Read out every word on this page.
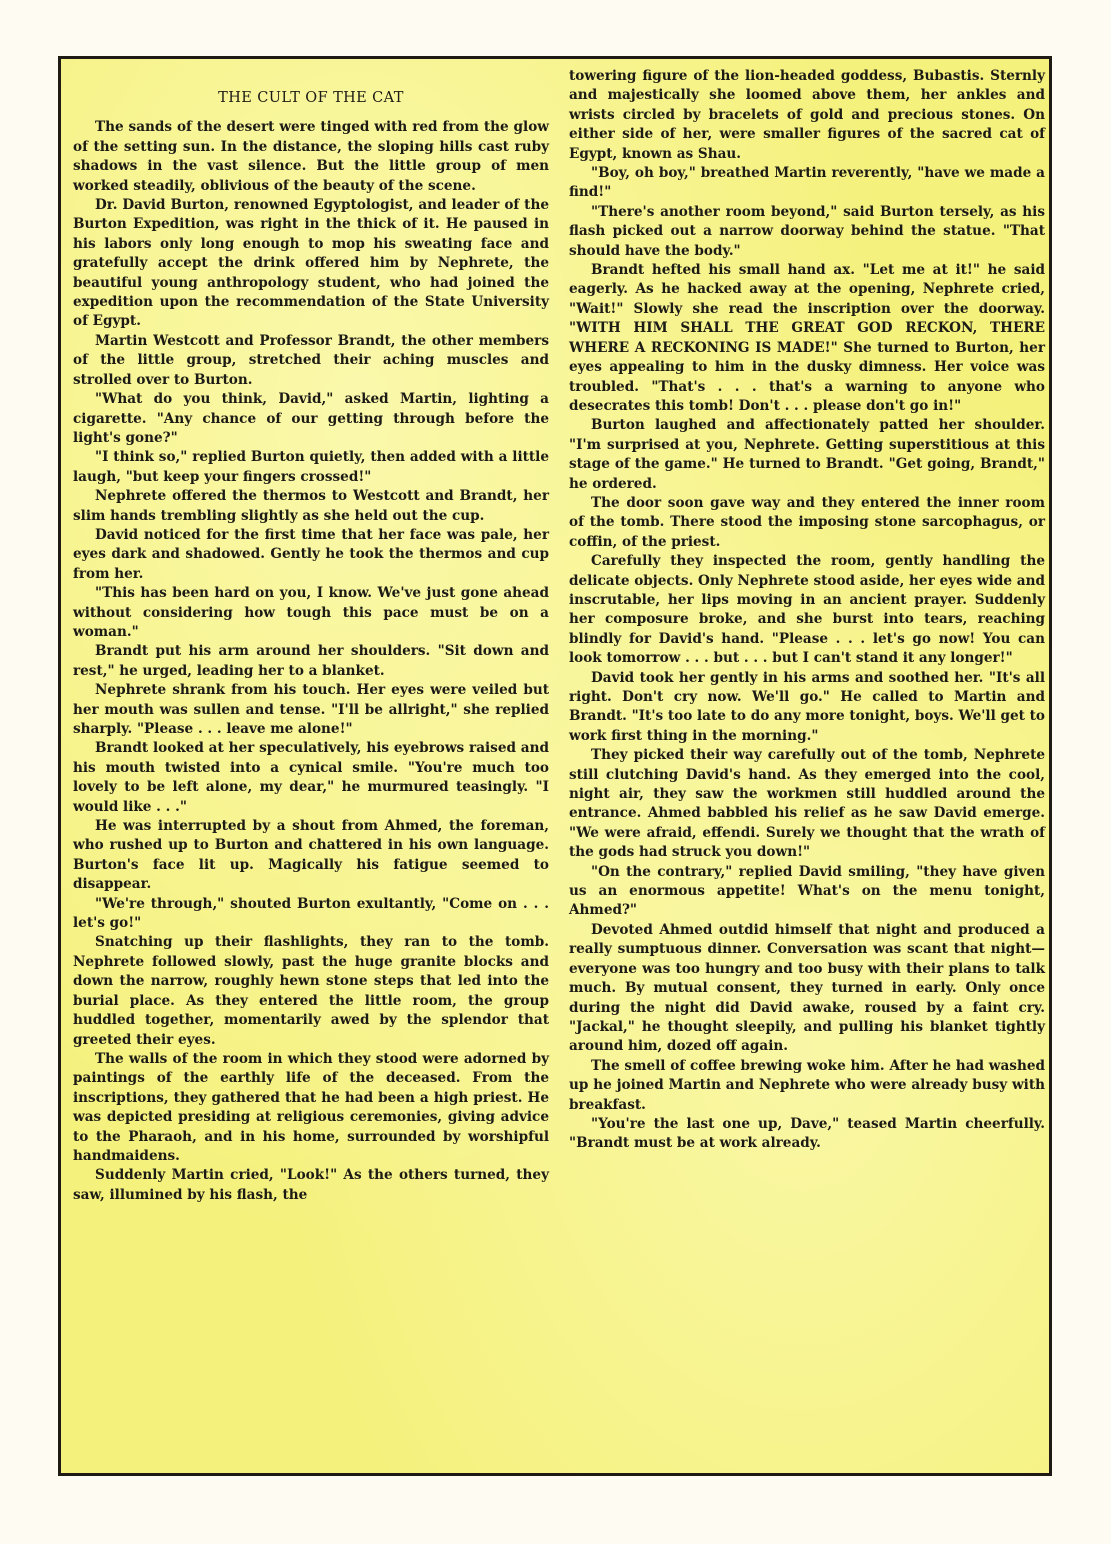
THE CULT OF THE CAT

The sands of the desert were tinged with red from the glow of the setting sun. In the distance, the sloping hills cast ruby shadows in the vast silence. But the little group of men worked steadily, oblivious of the beauty of the scene.

Dr. David Burton, renowned Egyptologist, and leader of the Burton Expedition, was right in the thick of it. He paused in his labors only long enough to mop his sweating face and gratefully accept the drink offered him by Nephrete, the beautiful young anthropology student, who had joined the expedition upon the recommendation of the State University of Egypt.

Martin Westcott and Professor Brandt, the other members of the little group, stretched their aching muscles and strolled over to Burton.

"What do you think, David," asked Martin, lighting a cigarette. "Any chance of our getting through before the light's gone?"

"I think so," replied Burton quietly, then added with a little laugh, "but keep your fingers crossed!"

Nephrete offered the thermos to Westcott and Brandt, her slim hands trembling slightly as she held out the cup.

David noticed for the first time that her face was pale, her eyes dark and shadowed. Gently he took the thermos and cup from her.

"This has been hard on you, I know. We've just gone ahead without considering how tough this pace must be on a woman."

Brandt put his arm around her shoulders. "Sit down and rest," he urged, leading her to a blanket.

Nephrete shrank from his touch. Her eyes were veiled but her mouth was sullen and tense. "I'll be allright," she replied sharply. "Please . . . leave me alone!"

Brandt looked at her speculatively, his eyebrows raised and his mouth twisted into a cynical smile. "You're much too lovely to be left alone, my dear," he murmured teasingly. "I would like . . ."

He was interrupted by a shout from Ahmed, the foreman, who rushed up to Burton and chattered in his own language. Burton's face lit up. Magically his fatigue seemed to disappear.

"We're through," shouted Burton exultantly, "Come on . . . let's go!"

Snatching up their flashlights, they ran to the tomb. Nephrete followed slowly, past the huge granite blocks and down the narrow, roughly hewn stone steps that led into the burial place. As they entered the little room, the group huddled together, momentarily awed by the splendor that greeted their eyes.

The walls of the room in which they stood were adorned by paintings of the earthly life of the deceased. From the inscriptions, they gathered that he had been a high priest. He was depicted presiding at religious ceremonies, giving advice to the Pharaoh, and in his home, surrounded by worshipful handmaidens.

Suddenly Martin cried, "Look!" As the others turned, they saw, illumined by his flash, the

towering figure of the lion-headed goddess, Bubastis. Sternly and majestically she loomed above them, her ankles and wrists circled by bracelets of gold and precious stones. On either side of her, were smaller figures of the sacred cat of Egypt, known as Shau.

"Boy, oh boy," breathed Martin reverently, "have we made a find!"

"There's another room beyond," said Burton tersely, as his flash picked out a narrow doorway behind the statue. "That should have the body."

Brandt hefted his small hand ax. "Let me at it!" he said eagerly. As he hacked away at the opening, Nephrete cried, "Wait!" Slowly she read the inscription over the doorway. "WITH HIM SHALL THE GREAT GOD RECKON, THERE WHERE A RECKONING IS MADE!" She turned to Burton, her eyes appealing to him in the dusky dimness. Her voice was troubled. "That's . . . that's a warning to anyone who desecrates this tomb! Don't . . . please don't go in!"

Burton laughed and affectionately patted her shoulder. "I'm surprised at you, Nephrete. Getting superstitious at this stage of the game." He turned to Brandt. "Get going, Brandt," he ordered.

The door soon gave way and they entered the inner room of the tomb. There stood the imposing stone sarcophagus, or coffin, of the priest.

Carefully they inspected the room, gently handling the delicate objects. Only Nephrete stood aside, her eyes wide and inscrutable, her lips moving in an ancient prayer. Suddenly her composure broke, and she burst into tears, reaching blindly for David's hand. "Please . . . let's go now! You can look tomorrow . . . but . . . but I can't stand it any longer!"

David took her gently in his arms and soothed her. "It's all right. Don't cry now. We'll go." He called to Martin and Brandt. "It's too late to do any more tonight, boys. We'll get to work first thing in the morning."

They picked their way carefully out of the tomb, Nephrete still clutching David's hand. As they emerged into the cool, night air, they saw the workmen still huddled around the entrance. Ahmed babbled his relief as he saw David emerge. "We were afraid, effendi. Surely we thought that the wrath of the gods had struck you down!"

"On the contrary," replied David smiling, "they have given us an enormous appetite! What's on the menu tonight, Ahmed?"

Devoted Ahmed outdid himself that night and produced a really sumptuous dinner. Conversation was scant that night—everyone was too hungry and too busy with their plans to talk much. By mutual consent, they turned in early. Only once during the night did David awake, roused by a faint cry. "Jackal," he thought sleepily, and pulling his blanket tightly around him, dozed off again.

The smell of coffee brewing woke him. After he had washed up he joined Martin and Nephrete who were already busy with breakfast.

"You're the last one up, Dave," teased Martin cheerfully. "Brandt must be at work already.
